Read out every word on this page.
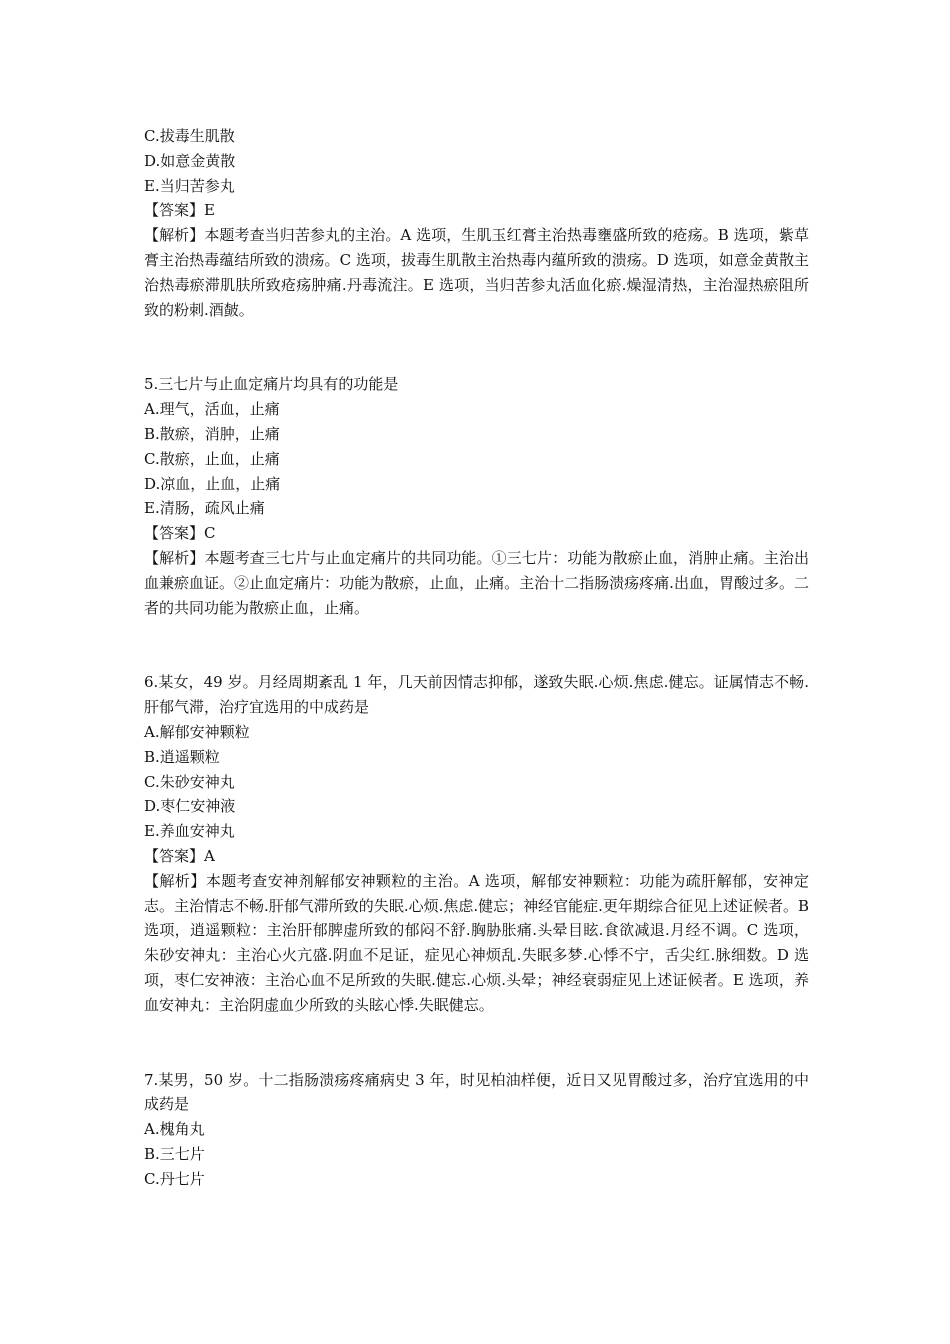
C.拔毒生肌散

D.如意金黄散

E.当归苦参丸

【答案】E

【解析】本题考查当归苦参丸的主治。A 选项，生肌玉红膏主治热毒壅盛所致的疮疡。B 选项，紫草膏主治热毒蕴结所致的溃疡。C 选项，拔毒生肌散主治热毒内蕴所致的溃疡。D 选项，如意金黄散主治热毒瘀滞肌肤所致疮疡肿痛.丹毒流注。E 选项，当归苦参丸活血化瘀.燥湿清热，主治湿热瘀阻所致的粉刺.酒皶。

5.三七片与止血定痛片均具有的功能是

A.理气，活血，止痛

B.散瘀，消肿，止痛

C.散瘀，止血，止痛

D.凉血，止血，止痛

E.清肠，疏风止痛

【答案】C

【解析】本题考查三七片与止血定痛片的共同功能。①三七片：功能为散瘀止血，消肿止痛。主治出血兼瘀血证。②止血定痛片：功能为散瘀，止血，止痛。主治十二指肠溃疡疼痛.出血，胃酸过多。二者的共同功能为散瘀止血，止痛。

6.某女，49 岁。月经周期紊乱 1 年，几天前因情志抑郁，遂致失眠.心烦.焦虑.健忘。证属情志不畅.肝郁气滞，治疗宜选用的中成药是

A.解郁安神颗粒

B.逍遥颗粒

C.朱砂安神丸

D.枣仁安神液

E.养血安神丸

【答案】A

【解析】本题考查安神剂解郁安神颗粒的主治。A 选项，解郁安神颗粒：功能为疏肝解郁，安神定志。主治情志不畅.肝郁气滞所致的失眠.心烦.焦虑.健忘；神经官能症.更年期综合征见上述证候者。B 选项，逍遥颗粒：主治肝郁脾虚所致的郁闷不舒.胸胁胀痛.头晕目眩.食欲减退.月经不调。C 选项，朱砂安神丸：主治心火亢盛.阴血不足证，症见心神烦乱.失眠多梦.心悸不宁，舌尖红.脉细数。D 选项，枣仁安神液：主治心血不足所致的失眠.健忘.心烦.头晕；神经衰弱症见上述证候者。E 选项，养血安神丸：主治阴虚血少所致的头眩心悸.失眠健忘。

7.某男，50 岁。十二指肠溃疡疼痛病史 3 年，时见柏油样便，近日又见胃酸过多，治疗宜选用的中成药是

A.槐角丸

B.三七片

C.丹七片
